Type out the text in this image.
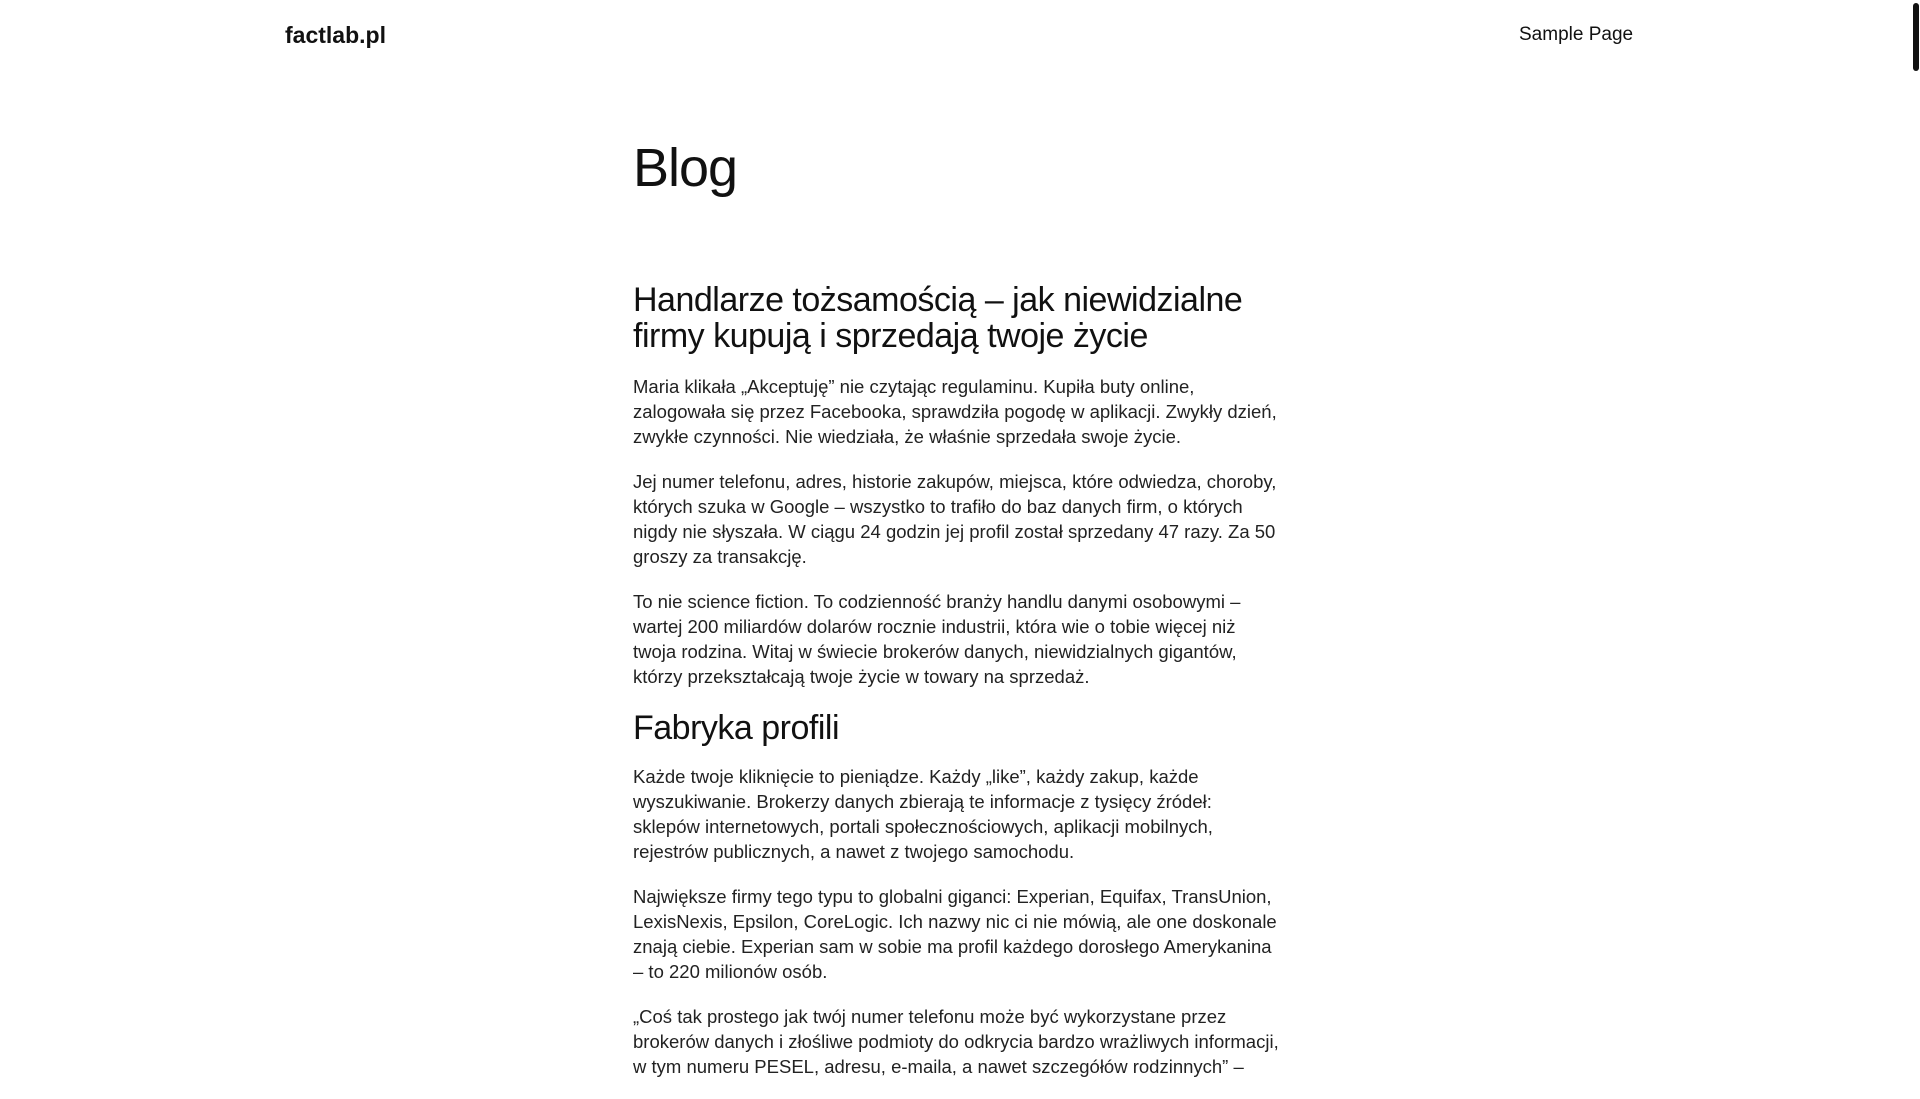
factlab.pl	Sample Page
Blog
Handlarze tożsamością – jak niewidzialne firmy kupują i sprzedają twoje życie

Maria klikała „Akceptuję” nie czytając regulaminu. Kupiła buty online, zalogowała się przez Facebooka, sprawdziła pogodę w aplikacji. Zwykły dzień, zwykłe czynności. Nie wiedziała, że właśnie sprzedała swoje życie.

Jej numer telefonu, adres, historie zakupów, miejsca, które odwiedza, choroby, których szuka w Google – wszystko to trafiło do baz danych firm, o których nigdy nie słyszała. W ciągu 24 godzin jej profil został sprzedany 47 razy. Za 50 groszy za transakcję.

To nie science fiction. To codzienność branży handlu danymi osobowymi – wartej 200 miliardów dolarów rocznie industrii, która wie o tobie więcej niż twoja rodzina. Witaj w świecie brokerów danych, niewidzialnych gigantów, którzy przekształcają twoje życie w towary na sprzedaż.

Fabryka profili

Każde twoje kliknięcie to pieniądze. Każdy „like”, każdy zakup, każde wyszukiwanie. Brokerzy danych zbierają te informacje z tysięcy źródeł: sklepów internetowych, portali społecznościowych, aplikacji mobilnych, rejestrów publicznych, a nawet z twojego samochodu.

Największe firmy tego typu to globalni giganci: Experian, Equifax, TransUnion, LexisNexis, Epsilon, CoreLogic. Ich nazwy nic ci nie mówią, ale one doskonale znają ciebie. Experian sam w sobie ma profil każdego dorosłego Amerykanina – to 220 milionów osób.

„Coś tak prostego jak twój numer telefonu może być wykorzystane przez brokerów danych i złośliwe podmioty do odkrycia bardzo wrażliwych informacji, w tym numeru PESEL, adresu, e-maila, a nawet szczegółów rodzinnych” –
